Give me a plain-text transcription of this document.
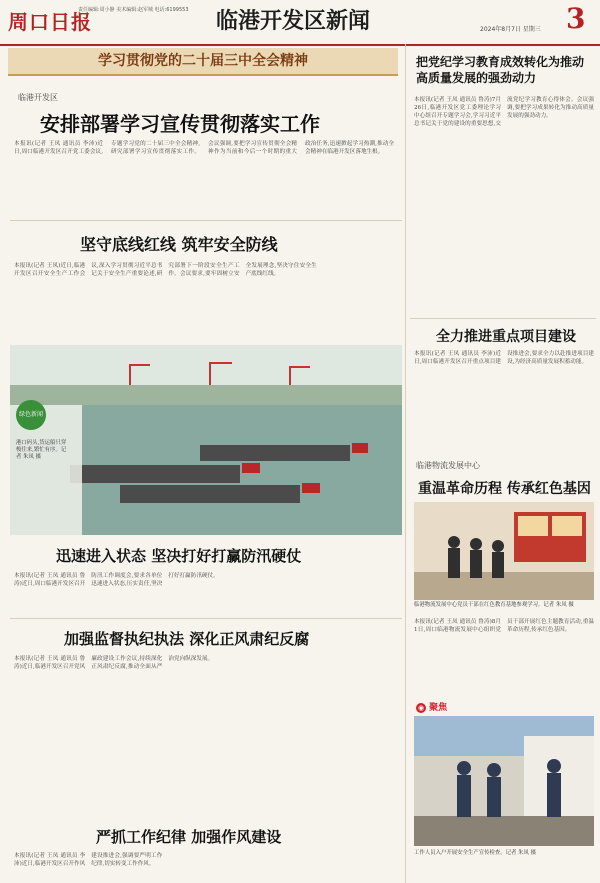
周口日报
责任编辑:周小静 美术编辑:赵军城 电话:6199553	临港开发区新闻	2024年8月7日 星期三 3
学习贯彻党的二十届三中全会精神
临港开发区
安排部署学习宣传贯彻落实工作
本报讯(记者 王凤 通讯员 李沛)近日,周口临港开发区召开党工委会议,专题学习党的二十届三中全会精神,研究部署学习宣传贯彻落实工作。会议强调,要把学习宣传贯彻全会精神作为当前和今后一个时期的重大政治任务,迅速掀起学习热潮,推动全会精神在临港开发区落地生根。
坚守底线红线 筑牢安全防线
本报讯(记者 王凤)近日,临港开发区召开安全生产工作会议,深入学习贯彻习近平总书记关于安全生产重要论述,研究部署下一阶段安全生产工作。会议要求,要牢固树立安全发展理念,坚决守住安全生产底线红线。
绿色新闻
港口码头,货运船只穿梭往来,繁忙有序。记者 朱凤 摄
迅速进入状态 坚决打好打赢防汛硬仗
本报讯(记者 王凤 通讯员 鲁涛)近日,周口临港开发区召开防汛工作调度会,要求各单位迅速进入状态,压实责任,坚决打好打赢防汛硬仗。
加强监督执纪执法 深化正风肃纪反腐
本报讯(记者 王凤 通讯员 鲁涛)近日,临港开发区召开党风廉政建设工作会议,持续深化正风肃纪反腐,推动全面从严治党向纵深发展。
严抓工作纪律 加强作风建设
本报讯(记者 王凤 通讯员 李沛)近日,临港开发区召开作风建设推进会,强调要严明工作纪律,切实转变工作作风。
把党纪学习教育成效转化为推动高质量发展的强劲动力
本报讯(记者 王凤 通讯员 鲁涛)7月26日,临港开发区党工委理论学习中心组召开专题学习会,学习习近平总书记关于党的建设的重要思想,交流党纪学习教育心得体会。会议强调,要把学习成果转化为推动高质量发展的强劲动力。
全力推进重点项目建设
本报讯(记者 王凤 通讯员 李沛)近日,周口临港开发区召开重点项目建设推进会,要求全力以赴推进项目建设,为经济高质量发展积蓄动能。
临港物流发展中心
重温革命历程 传承红色基因
临港物流发展中心党员干部在红色教育基地参观学习。记者 朱凤 摄
本报讯(记者 王凤 通讯员 鲁涛)8月1日,周口临港物流发展中心组织党员干部开展红色主题教育活动,重温革命历程,传承红色基因。
◉ 聚焦
工作人员入户开展安全生产宣传检查。记者 朱凤 摄
